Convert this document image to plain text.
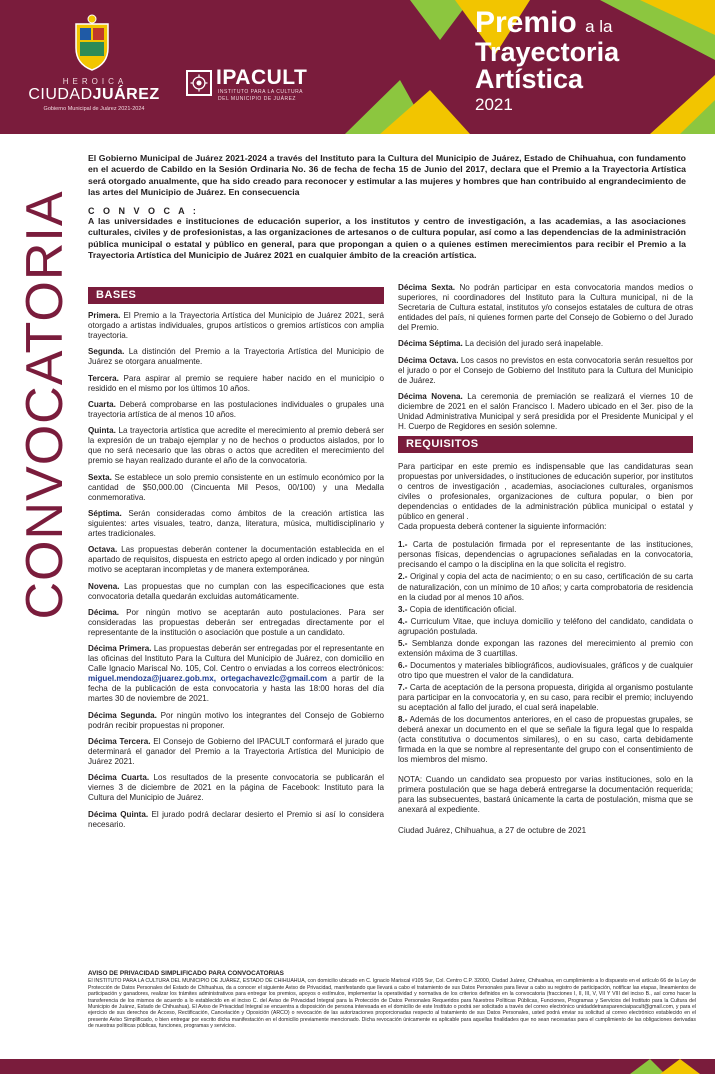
HEROICA
CIUDADJUÁREZ
Gobierno Municipal de Juárez 2021-2024
IPACULT
INSTITUTO PARA LA CULTURA
DEL MUNICIPIO DE JUÁREZ
Premio a la
Trayectoria
Artística
2021
CONVOCATORIA
El Gobierno Municipal de Juárez 2021-2024 a través del Instituto para la Cultura del Municipio de Juárez, Estado de Chihuahua, con fundamento en el acuerdo de Cabildo en la Sesión Ordinaria No. 36 de fecha de fecha 15 de Junio del 2017, declara que el Premio a la Trayectoria Artística será otorgado anualmente, que ha sido creado para reconocer y estimular a las mujeres y hombres que han contribuido al engrandecimiento de las artes del Municipio de Juárez. En consecuencia
C O N V O C A :
A las universidades e instituciones de educación superior, a los institutos y centro de investigación, a las academias, a las asociaciones culturales, civiles y de profesionistas, a las organizaciones de artesanos o de cultura popular, así como a las dependencias de la administración pública municipal o estatal y público en general, para que propongan a quien o a quienes estimen merecimientos para recibir el Premio a la Trayectoria Artística del Municipio de Juárez 2021 en cualquier ámbito de la creación artística.
BASES

Primera. El Premio a la Trayectoria Artística del Municipio de Juárez 2021, será otorgado a artistas individuales, grupos artísticos o gremios artísticos con amplia trayectoria.

Segunda. La distinción del Premio a la Trayectoria Artística del Municipio de Juárez se otorgara anualmente.

Tercera. Para aspirar al premio se requiere haber nacido en el municipio o residido en el mismo por los últimos 10 años.

Cuarta. Deberá comprobarse en las postulaciones individuales o grupales una trayectoria artística de al menos 10 años.

Quinta. La trayectoria artística que acredite el merecimiento al premio deberá ser la expresión de un trabajo ejemplar y no de hechos o productos aislados, por lo que no será necesario que las obras o actos que acrediten el merecimiento del premio se hayan realizado durante el año de la convocatoria.

Sexta. Se establece un solo premio consistente en un estímulo económico por la cantidad de $50,000.00 (Cincuenta Mil Pesos, 00/100) y una Medalla conmemorativa.

Séptima. Serán consideradas como ámbitos de la creación artística las siguientes: artes visuales, teatro, danza, literatura, música, multidisciplinario y artes tradicionales.

Octava. Las propuestas deberán contener la documentación establecida en el apartado de requisitos, dispuesta en estricto apego al orden indicado y por ningún motivo se aceptaran incompletas y de manera extemporánea.

Novena. Las propuestas que no cumplan con las especificaciones que esta convocatoria detalla quedarán excluidas automáticamente.

Décima. Por ningún motivo se aceptarán auto postulaciones. Para ser consideradas las propuestas deberán ser entregadas directamente por el representante de la institución o asociación que postule a un candidato.

Décima Primera. Las propuestas deberán ser entregadas por el representante en las oficinas del Instituto Para la Cultura del Municipio de Juárez, con domicilio en Calle Ignacio Mariscal No. 105, Col. Centro o enviadas a los correos electrónicos: miguel.mendoza@juarez.gob.mx, ortegachavezlc@gmail.com a partir de la fecha de la publicación de esta convocatoria y hasta las 18:00 horas del día martes 30 de noviembre de 2021.

Décima Segunda. Por ningún motivo los integrantes del Consejo de Gobierno podrán recibir propuestas ni proponer.

Décima Tercera. El Consejo de Gobierno del IPACULT conformará el jurado que determinará el ganador del Premio a la Trayectoria Artística del Municipio de Juárez 2021.

Décima Cuarta. Los resultados de la presente convocatoria se publicarán el viernes 3 de diciembre de 2021 en la página de Facebook: Instituto para la Cultura del Municipio de Juárez.

Décima Quinta. El jurado podrá declarar desierto el Premio si así lo considera necesario.

Décima Sexta. No podrán participar en esta convocatoria mandos medios o superiores, ni coordinadores del Instituto para la Cultura municipal, ni de la Secretaria de Cultura estatal, institutos y/o consejos estatales de cultura de otras entidades del país, ni quienes formen parte del Consejo de Gobierno o del Jurado del Premio.

Décima Séptima. La decisión del jurado será inapelable.

Décima Octava. Los casos no previstos en esta convocatoria serán resueltos por el jurado o por el Consejo de Gobierno del Instituto para la Cultura del Municipio de Juárez.

Décima Novena. La ceremonia de premiación se realizará el viernes 10 de diciembre de 2021 en el salón Francisco I. Madero ubicado en el 3er. piso de la Unidad Administrativa Municipal y será presidida por el Presidente Municipal y el H. Cuerpo de Regidores en sesión solemne.

REQUISITOS

Para participar en este premio es indispensable que las candidaturas sean propuestas por universidades, o instituciones de educación superior, por institutos o centros de investigación , academias, asociaciones culturales, organismos civiles o profesionales, organizaciones de cultura popular, o bien por dependencias o entidades de la administración pública municipal o estatal y público en general .

Cada propuesta deberá contener la siguiente información:

1.- Carta de postulación firmada por el representante de las instituciones, personas físicas, dependencias o agrupaciones señaladas en la convocatoria, precisando el campo o la disciplina en la que solicita el registro.

2.- Original y copia del acta de nacimiento; o en su caso, certificación de su carta de naturalización, con un mínimo de 10 años; y carta comprobatoria de residencia en la ciudad por al menos 10 años.

3.- Copia de identificación oficial.

4.- Curriculum Vitae, que incluya domicilio y teléfono del candidato, candidata o agrupación postulada.

5.- Semblanza donde expongan las razones del merecimiento al premio con extensión máxima de 3 cuartillas.

6.- Documentos y materiales bibliográficos, audiovisuales, gráficos y de cualquier otro tipo que muestren el valor de la candidatura.

7.- Carta de aceptación de la persona propuesta, dirigida al organismo postulante para participar en la convocatoria y, en su caso, para recibir el premio; incluyendo su aceptación al fallo del jurado, el cual será inapelable.

8.- Además de los documentos anteriores, en el caso de propuestas grupales, se deberá anexar un documento en el que se señale la figura legal que lo respalda (acta constitutiva o documentos similares), o en su caso, carta debidamente firmada en la que se nombre al representante del grupo con el consentimiento de los miembros del mismo.

NOTA: Cuando un candidato sea propuesto por varias instituciones, solo en la primera postulación que se haga deberá entregarse la documentación requerida; para las subsecuentes, bastará únicamente la carta de postulación, misma que se anexará al expediente.

Ciudad Juárez, Chihuahua, a 27 de octubre de 2021

AVISO DE PRIVACIDAD SIMPLIFICADO PARA CONVOCATORIAS
El INSTITUTO PARA LA CULTURA DEL MUNICIPIO DE JUÁREZ, ESTADO DE CHIHUAHUA, con domicilio ubicado en C. Ignacio Mariscal #105 Sur, Col. Centro C.P. 32000, Ciudad Juárez, Chihuahua, en cumplimiento a lo dispuesto en el artículo 66 de la Ley de Protección de Datos Personales del Estado de Chihuahua, da a conocer el siguiente Aviso de Privacidad, manifestando que llevará a cabo el tratamiento de sus Datos Personales para llevar a cabo su registro de participación, notificar las etapas, lineamientos de participación y ganadores, realizar los trámites administrativos para entregar los premios, apoyos o estímulos, implementar la operatividad y normativa de los criterios definidos en la convocatoria (fracciones I, II, III, V, VII Y VIII del inciso B., así como hacer la transferencia de los mismos de acuerdo a lo establecido en el inciso C. del Aviso de Privacidad Integral para la Protección de Datos Personales Requeridos para Nuestros Políticas Públicas, Funciones, Programas y Servicios del Instituto para la Cultura del Municipio de Juárez, Estado de Chihuahua). El Aviso de Privacidad Integral se encuentra a disposición de persona interesada en el domicilio de este Instituto o podrá ser solicitado a través del correo electrónico unidaddetransparenciaipacult@gmail.com, y para el ejercicio de sus derechos de Acceso, Rectificación, Cancelación y Oposición (ARCO) o revocación de las autorizaciones proporcionadas respecto al tratamiento de sus Datos Personales, usted podrá enviar su solicitud al correo electrónico establecido en el presente Aviso Simplificado, o bien entregar por escrito dicha manifestación en el domicilio previamente mencionado. Dicha revocación únicamente es aplicable para aquellas finalidades que no sean necesarias para el cumplimiento de las obligaciones derivadas de nuestras políticas públicas, funciones, programas y servicios.
